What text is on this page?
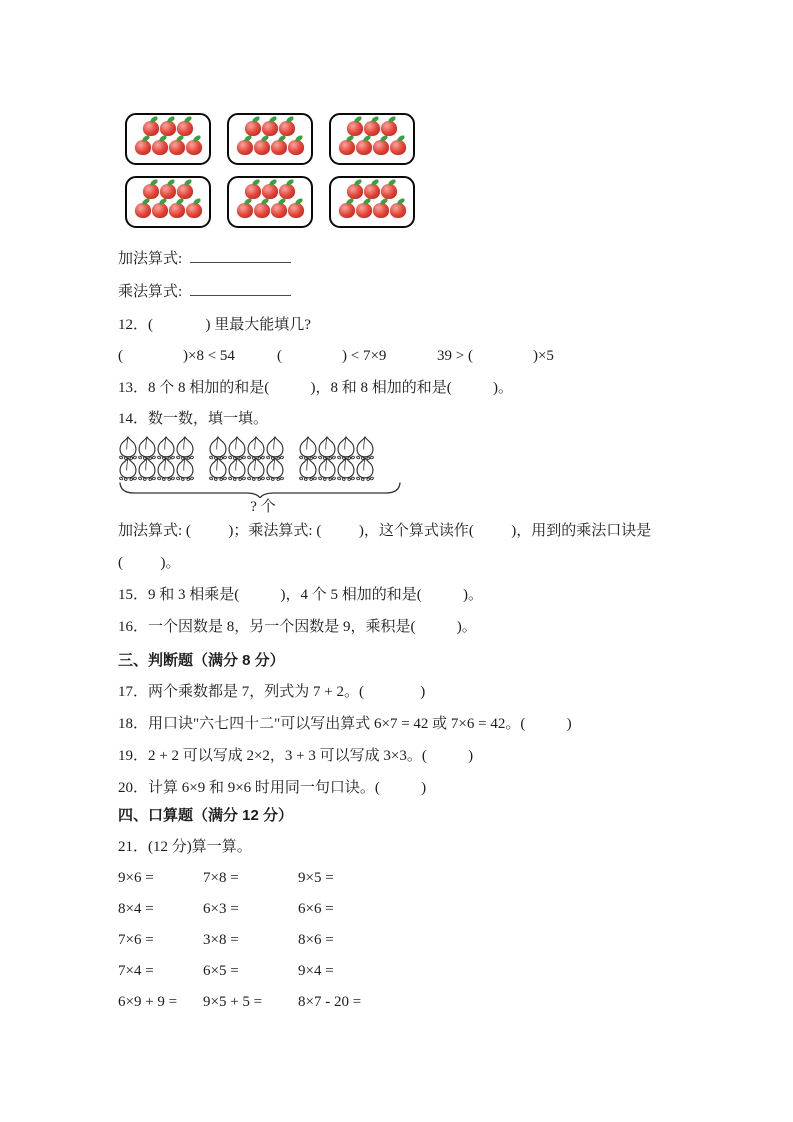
加法算式:
乘法算式:
12．(              ) 里最大能填几?
(                )×8 < 54	(                ) < 7×9	39 > (                )×5
13．8 个 8 相加的和是(           )，8 和 8 相加的和是(           )。
14．数一数，填一填。
? 个
加法算式: (          )；乘法算式: (          )，这个算式读作(          )，用到的乘法口诀是
(          )。
15．9 和 3 相乘是(           )，4 个 5 相加的和是(           )。
16．一个因数是 8，另一个因数是 9，乘积是(           )。
三、判断题（满分 8 分）
17．两个乘数都是 7，列式为 7 + 2。(               )
18．用口诀"六七四十二"可以写出算式 6×7 = 42 或 7×6 = 42。(           )
19．2 + 2 可以写成 2×2，3 + 3 可以写成 3×3。(           )
20．计算 6×9 和 9×6 时用同一句口诀。(           )
四、口算题（满分 12 分）
21．(12 分)算一算。
9×6 =	7×8 =	9×5 =
8×4 =	6×3 =	6×6 =
7×6 =	3×8 =	8×6 =
7×4 =	6×5 =	9×4 =
6×9 + 9 =	9×5 + 5 =	8×7 - 20 =
